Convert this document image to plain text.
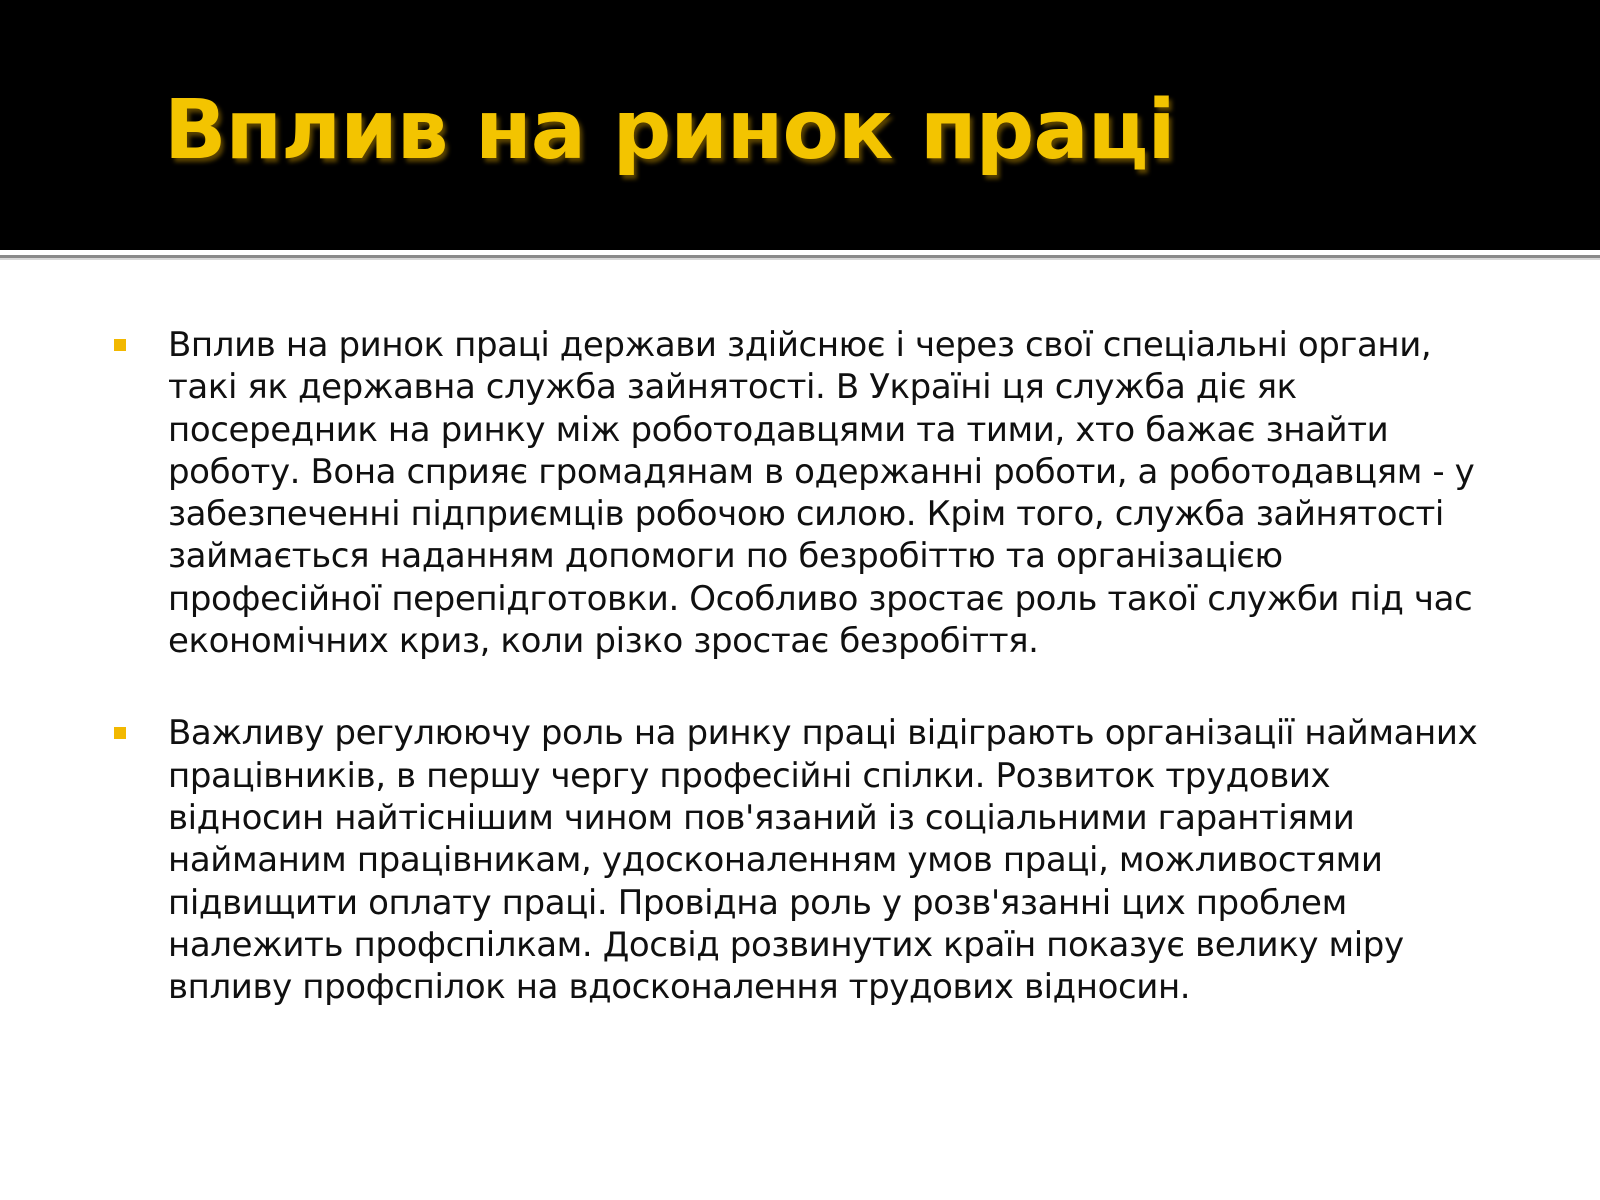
Вплив на ринок праці
Вплив на ринок праці держави здійснює і через свої спеціальні органи, такі як державна служба зайнятості. В Україні ця служба діє як посередник на ринку між роботодавцями та тими, хто бажає знайти роботу. Вона сприяє громадянам в одержанні роботи, а роботодавцям - у забезпеченні підприємців робочою силою. Крім того, служба зайнятості займається наданням допомоги по безробіттю та організацією професійної перепідготовки. Особливо зростає роль такої служби під час економічних криз, коли різко зростає безробіття.
Важливу регулюючу роль на ринку праці відіграють організації найманих працівників, в першу чергу професійні спілки. Розвиток трудових відносин найтіснішим чином пов'язаний із соціальними гарантіями найманим працівникам, удосконаленням умов праці, можливостями підвищити оплату праці. Провідна роль у розв'язанні цих проблем належить профспілкам. Досвід розвинутих країн показує велику міру впливу профспілок на вдосконалення трудових відносин.
